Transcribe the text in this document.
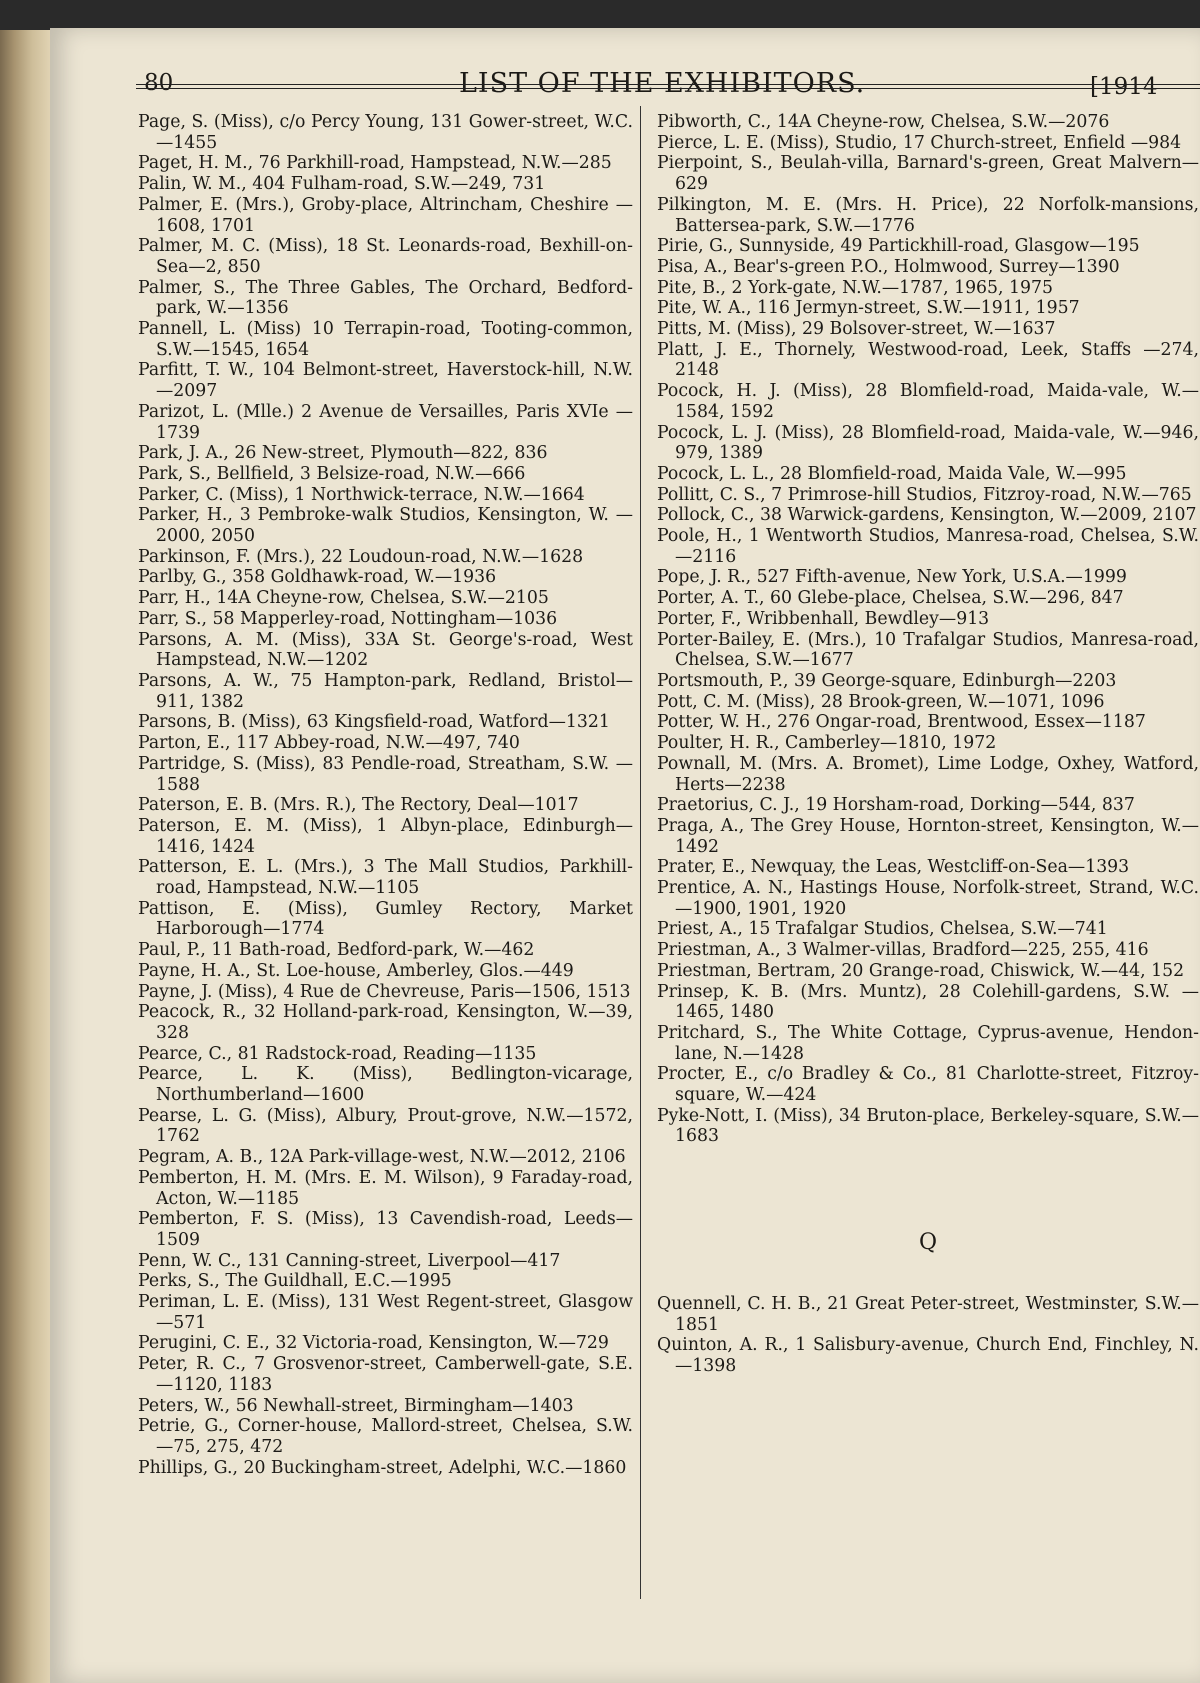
80	LIST OF THE EXHIBITORS.	[1914

Page, S. (Miss), c/o Percy Young, 131 Gower-street, W.C.—1455

Paget, H. M., 76 Parkhill-road, Hampstead, N.W.—285

Palin, W. M., 404 Fulham-road, S.W.—249, 731

Palmer, E. (Mrs.), Groby-place, Altrincham, Cheshire —1608, 1701

Palmer, M. C. (Miss), 18 St. Leonards-road, Bexhill-on-Sea—2, 850

Palmer, S., The Three Gables, The Orchard, Bedford-park, W.—1356

Pannell, L. (Miss) 10 Terrapin-road, Tooting-common, S.W.—1545, 1654

Parfitt, T. W., 104 Belmont-street, Haverstock-hill, N.W.—2097

Parizot, L. (Mlle.) 2 Avenue de Versailles, Paris XVIe —1739

Park, J. A., 26 New-street, Plymouth—822, 836

Park, S., Bellfield, 3 Belsize-road, N.W.—666

Parker, C. (Miss), 1 Northwick-terrace, N.W.—1664

Parker, H., 3 Pembroke-walk Studios, Kensington, W. —2000, 2050

Parkinson, F. (Mrs.), 22 Loudoun-road, N.W.—1628

Parlby, G., 358 Goldhawk-road, W.—1936

Parr, H., 14A Cheyne-row, Chelsea, S.W.—2105

Parr, S., 58 Mapperley-road, Nottingham—1036

Parsons, A. M. (Miss), 33A St. George's-road, West Hampstead, N.W.—1202

Parsons, A. W., 75 Hampton-park, Redland, Bristol—911, 1382

Parsons, B. (Miss), 63 Kingsfield-road, Watford—1321

Parton, E., 117 Abbey-road, N.W.—497, 740

Partridge, S. (Miss), 83 Pendle-road, Streatham, S.W. —1588

Paterson, E. B. (Mrs. R.), The Rectory, Deal—1017

Paterson, E. M. (Miss), 1 Albyn-place, Edinburgh—1416, 1424

Patterson, E. L. (Mrs.), 3 The Mall Studios, Parkhill-road, Hampstead, N.W.—1105

Pattison, E. (Miss), Gumley Rectory, Market Harborough—1774

Paul, P., 11 Bath-road, Bedford-park, W.—462

Payne, H. A., St. Loe-house, Amberley, Glos.—449

Payne, J. (Miss), 4 Rue de Chevreuse, Paris—1506, 1513

Peacock, R., 32 Holland-park-road, Kensington, W.—39, 328

Pearce, C., 81 Radstock-road, Reading—1135

Pearce, L. K. (Miss), Bedlington-vicarage, Northumberland—1600

Pearse, L. G. (Miss), Albury, Prout-grove, N.W.—1572, 1762

Pegram, A. B., 12A Park-village-west, N.W.—2012, 2106

Pemberton, H. M. (Mrs. E. M. Wilson), 9 Faraday-road, Acton, W.—1185

Pemberton, F. S. (Miss), 13 Cavendish-road, Leeds—1509

Penn, W. C., 131 Canning-street, Liverpool—417

Perks, S., The Guildhall, E.C.—1995

Periman, L. E. (Miss), 131 West Regent-street, Glasgow—571

Perugini, C. E., 32 Victoria-road, Kensington, W.—729

Peter, R. C., 7 Grosvenor-street, Camberwell-gate, S.E. —1120, 1183

Peters, W., 56 Newhall-street, Birmingham—1403

Petrie, G., Corner-house, Mallord-street, Chelsea, S.W. —75, 275, 472

Phillips, G., 20 Buckingham-street, Adelphi, W.C.—1860

Pibworth, C., 14A Cheyne-row, Chelsea, S.W.—2076

Pierce, L. E. (Miss), Studio, 17 Church-street, Enfield —984

Pierpoint, S., Beulah-villa, Barnard's-green, Great Malvern—629

Pilkington, M. E. (Mrs. H. Price), 22 Norfolk-mansions, Battersea-park, S.W.—1776

Pirie, G., Sunnyside, 49 Partickhill-road, Glasgow—195

Pisa, A., Bear's-green P.O., Holmwood, Surrey—1390

Pite, B., 2 York-gate, N.W.—1787, 1965, 1975

Pite, W. A., 116 Jermyn-street, S.W.—1911, 1957

Pitts, M. (Miss), 29 Bolsover-street, W.—1637

Platt, J. E., Thornely, Westwood-road, Leek, Staffs —274, 2148

Pocock, H. J. (Miss), 28 Blomfield-road, Maida-vale, W.—1584, 1592

Pocock, L. J. (Miss), 28 Blomfield-road, Maida-vale, W.—946, 979, 1389

Pocock, L. L., 28 Blomfield-road, Maida Vale, W.—995

Pollitt, C. S., 7 Primrose-hill Studios, Fitzroy-road, N.W.—765

Pollock, C., 38 Warwick-gardens, Kensington, W.—2009, 2107

Poole, H., 1 Wentworth Studios, Manresa-road, Chelsea, S.W.—2116

Pope, J. R., 527 Fifth-avenue, New York, U.S.A.—1999

Porter, A. T., 60 Glebe-place, Chelsea, S.W.—296, 847

Porter, F., Wribbenhall, Bewdley—913

Porter-Bailey, E. (Mrs.), 10 Trafalgar Studios, Manresa-road, Chelsea, S.W.—1677

Portsmouth, P., 39 George-square, Edinburgh—2203

Pott, C. M. (Miss), 28 Brook-green, W.—1071, 1096

Potter, W. H., 276 Ongar-road, Brentwood, Essex—1187

Poulter, H. R., Camberley—1810, 1972

Pownall, M. (Mrs. A. Bromet), Lime Lodge, Oxhey, Watford, Herts—2238

Praetorius, C. J., 19 Horsham-road, Dorking—544, 837

Praga, A., The Grey House, Hornton-street, Kensington, W.—1492

Prater, E., Newquay, the Leas, Westcliff-on-Sea—1393

Prentice, A. N., Hastings House, Norfolk-street, Strand, W.C.—1900, 1901, 1920

Priest, A., 15 Trafalgar Studios, Chelsea, S.W.—741

Priestman, A., 3 Walmer-villas, Bradford—225, 255, 416

Priestman, Bertram, 20 Grange-road, Chiswick, W.—44, 152

Prinsep, K. B. (Mrs. Muntz), 28 Colehill-gardens, S.W. —1465, 1480

Pritchard, S., The White Cottage, Cyprus-avenue, Hendon-lane, N.—1428

Procter, E., c/o Bradley & Co., 81 Charlotte-street, Fitzroy-square, W.—424

Pyke-Nott, I. (Miss), 34 Bruton-place, Berkeley-square, S.W.—1683

Q

Quennell, C. H. B., 21 Great Peter-street, Westminster, S.W.—1851

Quinton, A. R., 1 Salisbury-avenue, Church End, Finchley, N.—1398
